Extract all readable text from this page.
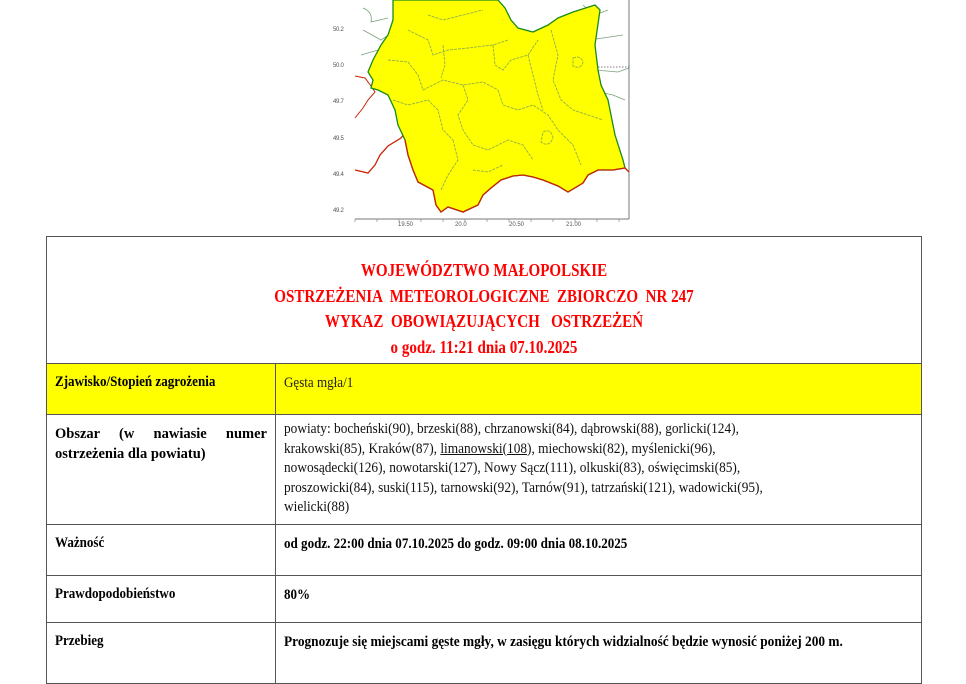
50.2
50.0
49.7
49.5
49.4
49.2
19.50	20.0	20.50	21.00
WOJEWÓDZTWO MAŁOPOLSKIE
OSTRZEŻENIA  METEOROLOGICZNE  ZBIORCZO  NR 247
WYKAZ  OBOWIĄZUJĄCYCH   OSTRZEŻEŃ
o godz. 11:21 dnia 07.10.2025	

Zjawisko/Stopień zagrożenia	Gęsta mgła/1
Obszar (w nawiasie numer ostrzeżenia dla powiatu)	powiaty: bocheński(90), brzeski(88), chrzanowski(84), dąbrowski(88), gorlicki(124),
krakowski(85), Kraków(87), limanowski(108), miechowski(82), myślenicki(96),
nowosądecki(126), nowotarski(127), Nowy Sącz(111), olkuski(83), oświęcimski(85),
proszowicki(84), suski(115), tarnowski(92), Tarnów(91), tatrzański(121), wadowicki(95),
wielicki(88)

Ważność	od godz. 22:00 dnia 07.10.2025 do godz. 09:00 dnia 08.10.2025
Prawdopodobieństwo	80%
Przebieg	Prognozuje się miejscami gęste mgły, w zasięgu których widzialność będzie wynosić poniżej 200 m.
